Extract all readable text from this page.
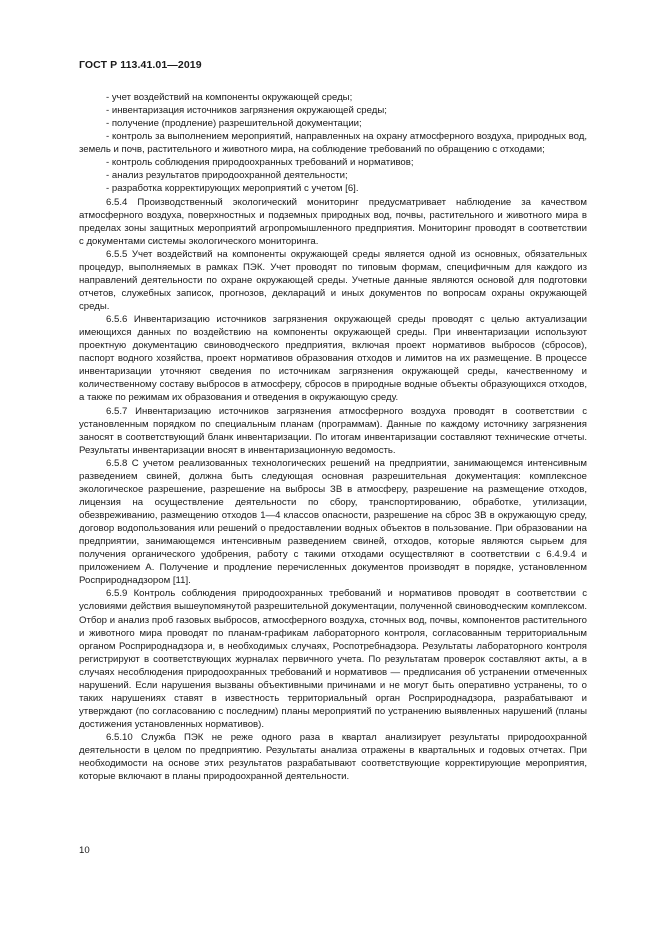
ГОСТ Р 113.41.01—2019

- учет воздействий на компоненты окружающей среды;

- инвентаризация источников загрязнения окружающей среды;

- получение (продление) разрешительной документации;

- контроль за выполнением мероприятий, направленных на охрану атмосферного воздуха, природных вод, земель и почв, растительного и животного мира, на соблюдение требований по обращению с отходами;

- контроль соблюдения природоохранных требований и нормативов;

- анализ результатов природоохранной деятельности;

- разработка корректирующих мероприятий с учетом [6].

6.5.4 Производственный экологический мониторинг предусматривает наблюдение за качеством атмосферного воздуха, поверхностных и подземных природных вод, почвы, растительного и животного мира в пределах зоны защитных мероприятий агропромышленного предприятия. Мониторинг проводят в соответствии с документами системы экологического мониторинга.

6.5.5 Учет воздействий на компоненты окружающей среды является одной из основных, обязательных процедур, выполняемых в рамках ПЭК. Учет проводят по типовым формам, специфичным для каждого из направлений деятельности по охране окружающей среды. Учетные данные являются основой для подготовки отчетов, служебных записок, прогнозов, деклараций и иных документов по вопросам охраны окружающей среды.

6.5.6 Инвентаризацию источников загрязнения окружающей среды проводят с целью актуализации имеющихся данных по воздействию на компоненты окружающей среды. При инвентаризации используют проектную документацию свиноводческого предприятия, включая проект нормативов выбросов (сбросов), паспорт водного хозяйства, проект нормативов образования отходов и лимитов на их размещение. В процессе инвентаризации уточняют сведения по источникам загрязнения окружающей среды, качественному и количественному составу выбросов в атмосферу, сбросов в природные водные объекты образующихся отходов, а также по режимам их образования и отведения в окружающую среду.

6.5.7 Инвентаризацию источников загрязнения атмосферного воздуха проводят в соответствии с установленным порядком по специальным планам (программам). Данные по каждому источнику загрязнения заносят в соответствующий бланк инвентаризации. По итогам инвентаризации составляют технические отчеты. Результаты инвентаризации вносят в инвентаризационную ведомость.

6.5.8 С учетом реализованных технологических решений на предприятии, занимающемся интенсивным разведением свиней, должна быть следующая основная разрешительная документация: комплексное экологическое разрешение, разрешение на выбросы ЗВ в атмосферу, разрешение на размещение отходов, лицензия на осуществление деятельности по сбору, транспортированию, обработке, утилизации, обезвреживанию, размещению отходов 1—4 классов опасности, разрешение на сброс ЗВ в окружающую среду, договор водопользования или решений о предоставлении водных объектов в пользование. При образовании на предприятии, занимающемся интенсивным разведением свиней, отходов, которые являются сырьем для получения органического удобрения, работу с такими отходами осуществляют в соответствии с 6.4.9.4 и приложением А. Получение и продление перечисленных документов производят в порядке, установленном Росприроднадзором [11].

6.5.9 Контроль соблюдения природоохранных требований и нормативов проводят в соответствии с условиями действия вышеупомянутой разрешительной документации, полученной свиноводческим комплексом. Отбор и анализ проб газовых выбросов, атмосферного воздуха, сточных вод, почвы, компонентов растительного и животного мира проводят по планам-графикам лабораторного контроля, согласованным территориальным органом Росприроднадзора и, в необходимых случаях, Роспотребнадзора. Результаты лабораторного контроля регистрируют в соответствующих журналах первичного учета. По результатам проверок составляют акты, а в случаях несоблюдения природоохранных требований и нормативов — предписания об устранении отмеченных нарушений. Если нарушения вызваны объективными причинами и не могут быть оперативно устранены, то о таких нарушениях ставят в известность территориальный орган Росприроднадзора, разрабатывают и утверждают (по согласованию с последним) планы мероприятий по устранению выявленных нарушений (планы достижения установленных нормативов).

6.5.10 Служба ПЭК не реже одного раза в квартал анализирует результаты природоохранной деятельности в целом по предприятию. Результаты анализа отражены в квартальных и годовых отчетах. При необходимости на основе этих результатов разрабатывают соответствующие корректирующие мероприятия, которые включают в планы природоохранной деятельности.

10
